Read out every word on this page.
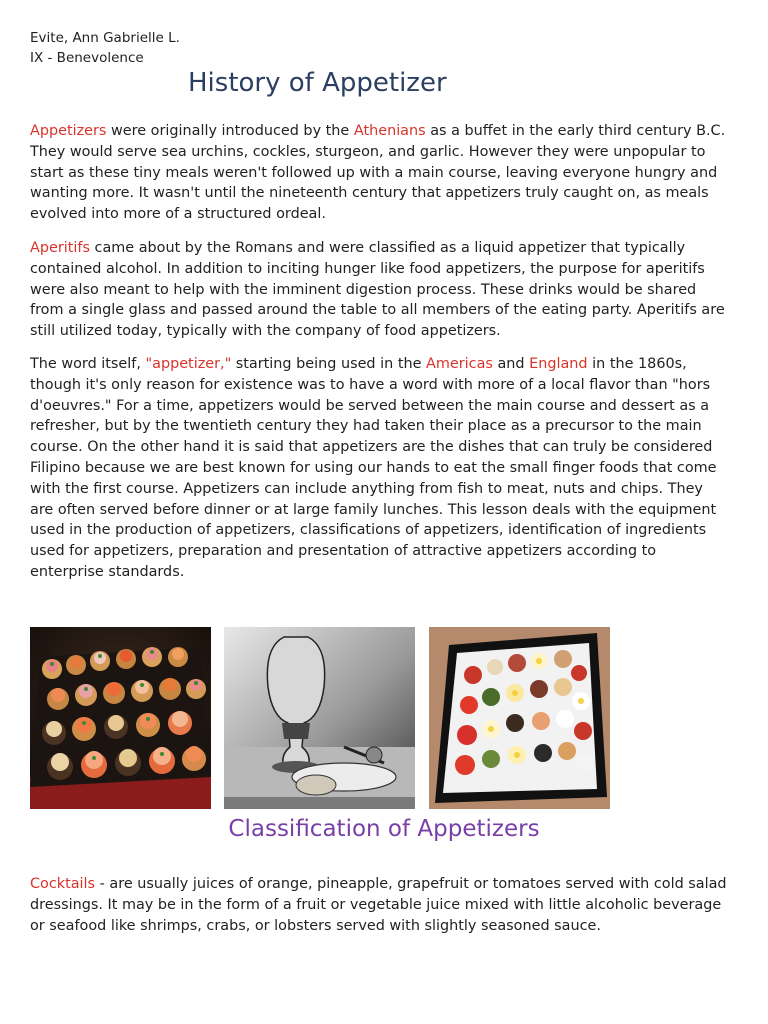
Evite, Ann Gabrielle L.
IX - Benevolence
History of Appetizer

Appetizers were originally introduced by the Athenians as a buffet in the early third century B.C. They would serve sea urchins, cockles, sturgeon, and garlic. However they were unpopular to start as these tiny meals weren't followed up with a main course, leaving everyone hungry and wanting more. It wasn't until the nineteenth century that appetizers truly caught on, as meals evolved into more of a structured ordeal.

Aperitifs came about by the Romans and were classified as a liquid appetizer that typically contained alcohol. In addition to inciting hunger like food appetizers, the purpose for aperitifs were also meant to help with the imminent digestion process. These drinks would be shared from a single glass and passed around the table to all members of the eating party. Aperitifs are still utilized today, typically with the company of food appetizers.

The word itself, "appetizer," starting being used in the Americas and England in the 1860s, though it's only reason for existence was to have a word with more of a local flavor than "hors d'oeuvres." For a time, appetizers would be served between the main course and dessert as a refresher, but by the twentieth century they had taken their place as a precursor to the main course. On the other hand it is said that appetizers are the dishes that can truly be considered Filipino because we are best known for using our hands to eat the small finger foods that come with the first course. Appetizers can include anything from fish to meat, nuts and chips. They are often served before dinner or at large family lunches. This lesson deals with the equipment used in the production of appetizers, classifications of appetizers, identification of ingredients used for appetizers, preparation and presentation of attractive appetizers according to enterprise standards.

Classification of Appetizers

Cocktails - are usually juices of orange, pineapple, grapefruit or tomatoes served with cold salad dressings. It may be in the form of a fruit or vegetable juice mixed with little alcoholic beverage or seafood like shrimps, crabs, or lobsters served with slightly seasoned sauce.
